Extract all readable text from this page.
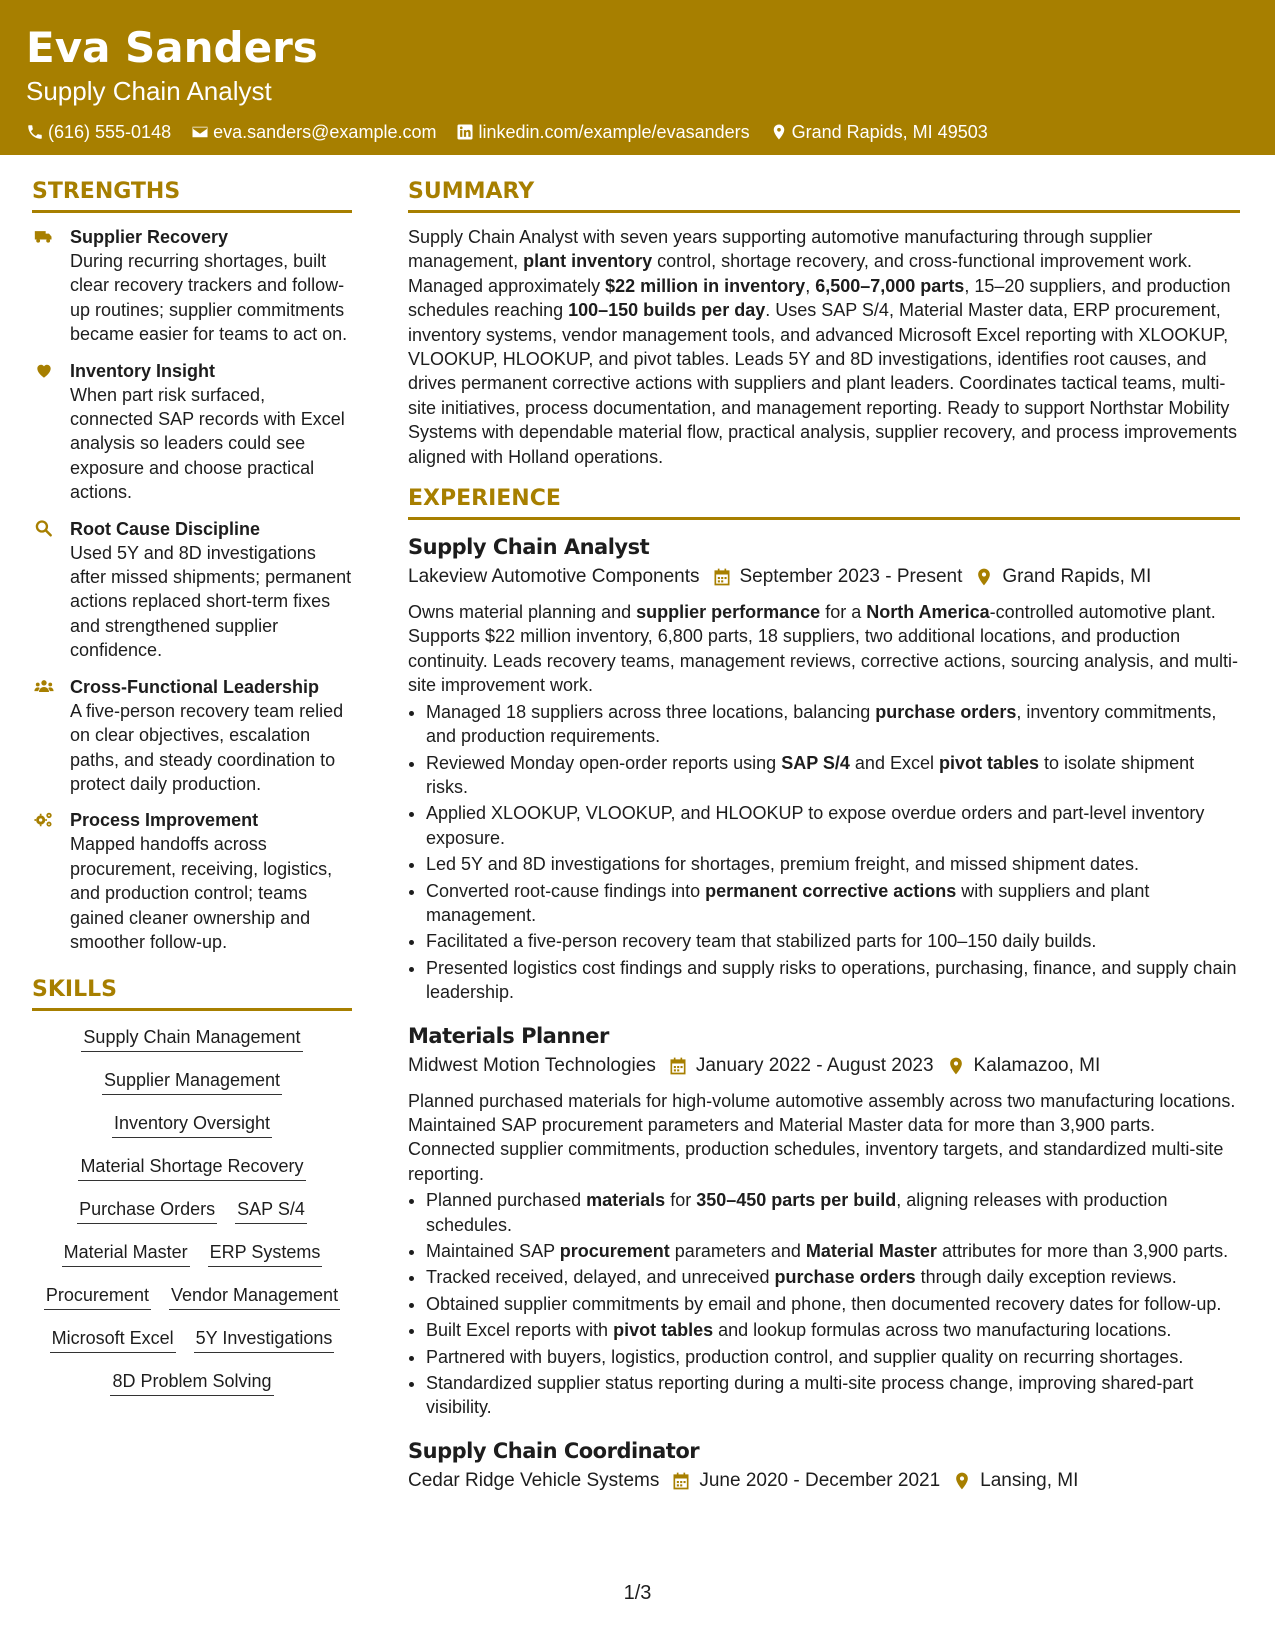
Eva Sanders
Supply Chain Analyst
(616) 555-0148 eva.sanders@example.com linkedin.com/example/evasanders Grand Rapids, MI 49503
STRENGTHS
Supplier Recovery
During recurring shortages, built clear recovery trackers and follow-up routines; supplier commitments became easier for teams to act on.
Inventory Insight
When part risk surfaced, connected SAP records with Excel analysis so leaders could see exposure and choose practical actions.
Root Cause Discipline
Used 5Y and 8D investigations after missed shipments; permanent actions replaced short-term fixes and strengthened supplier confidence.
Cross-Functional Leadership
A five-person recovery team relied on clear objectives, escalation paths, and steady coordination to protect daily production.
Process Improvement
Mapped handoffs across procurement, receiving, logistics, and production control; teams gained cleaner ownership and smoother follow-up.
SKILLS
Supply Chain Management
Supplier Management
Inventory Oversight
Material Shortage Recovery
Purchase Orders SAP S/4
Material Master ERP Systems
Procurement Vendor Management
Microsoft Excel 5Y Investigations
8D Problem Solving
SUMMARY

Supply Chain Analyst with seven years supporting automotive manufacturing through supplier management, plant inventory control, shortage recovery, and cross-functional improvement work. Managed approximately $22 million in inventory, 6,500–7,000 parts, 15–20 suppliers, and production schedules reaching 100–150 builds per day. Uses SAP S/4, Material Master data, ERP procurement, inventory systems, vendor management tools, and advanced Microsoft Excel reporting with XLOOKUP, VLOOKUP, HLOOKUP, and pivot tables. Leads 5Y and 8D investigations, identifies root causes, and drives permanent corrective actions with suppliers and plant leaders. Coordinates tactical teams, multi-site initiatives, process documentation, and management reporting. Ready to support Northstar Mobility Systems with dependable material flow, practical analysis, supplier recovery, and process improvements aligned with Holland operations.

EXPERIENCE
Supply Chain Analyst
Lakeview Automotive Components September 2023 - Present Grand Rapids, MI

Owns material planning and supplier performance for a North America-controlled automotive plant. Supports $22 million inventory, 6,800 parts, 18 suppliers, two additional locations, and production continuity. Leads recovery teams, management reviews, corrective actions, sourcing analysis, and multi-site improvement work.

• Managed 18 suppliers across three locations, balancing purchase orders, inventory commitments, and production requirements.
• Reviewed Monday open-order reports using SAP S/4 and Excel pivot tables to isolate shipment risks.
• Applied XLOOKUP, VLOOKUP, and HLOOKUP to expose overdue orders and part-level inventory exposure.
• Led 5Y and 8D investigations for shortages, premium freight, and missed shipment dates.
• Converted root-cause findings into permanent corrective actions with suppliers and plant management.
• Facilitated a five-person recovery team that stabilized parts for 100–150 daily builds.
• Presented logistics cost findings and supply risks to operations, purchasing, finance, and supply chain leadership.
Materials Planner
Midwest Motion Technologies January 2022 - August 2023 Kalamazoo, MI

Planned purchased materials for high-volume automotive assembly across two manufacturing locations. Maintained SAP procurement parameters and Material Master data for more than 3,900 parts. Connected supplier commitments, production schedules, inventory targets, and standardized multi-site reporting.

• Planned purchased materials for 350–450 parts per build, aligning releases with production schedules.
• Maintained SAP procurement parameters and Material Master attributes for more than 3,900 parts.
• Tracked received, delayed, and unreceived purchase orders through daily exception reviews.
• Obtained supplier commitments by email and phone, then documented recovery dates for follow-up.
• Built Excel reports with pivot tables and lookup formulas across two manufacturing locations.
• Partnered with buyers, logistics, production control, and supplier quality on recurring shortages.
• Standardized supplier status reporting during a multi-site process change, improving shared-part visibility.
Supply Chain Coordinator
Cedar Ridge Vehicle Systems June 2020 - December 2021 Lansing, MI
1/3
